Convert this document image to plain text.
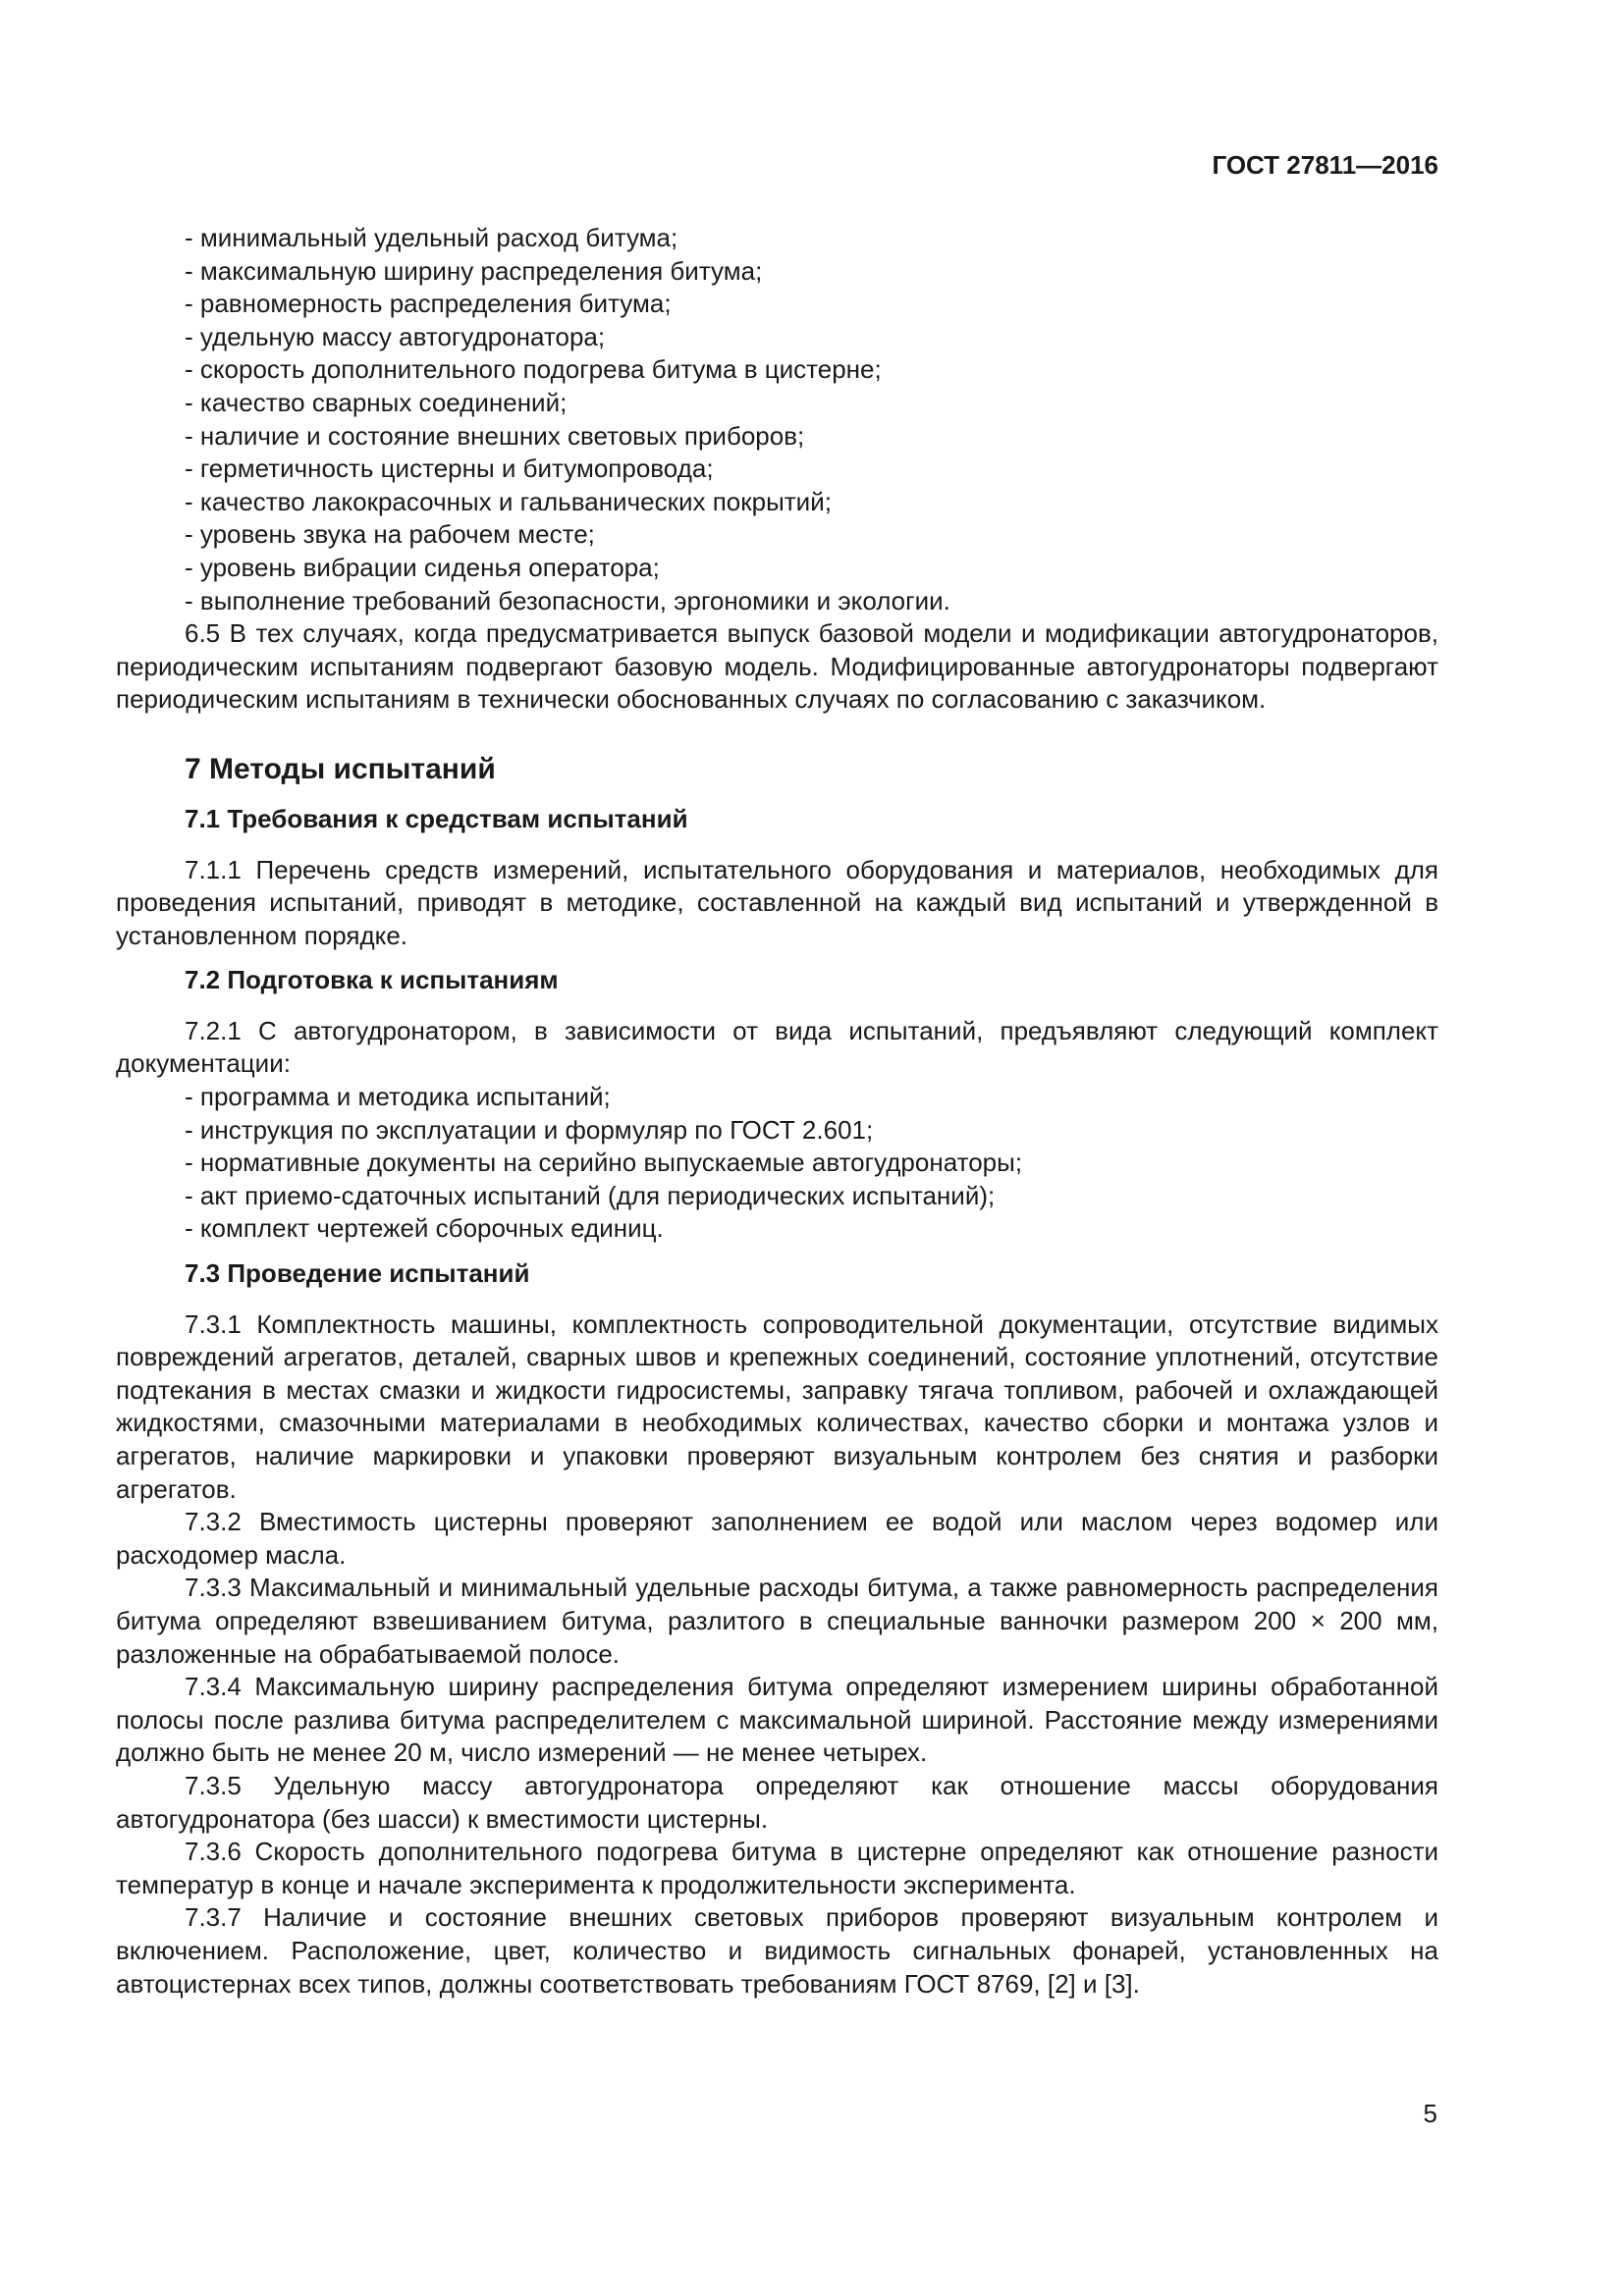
ГОСТ 27811—2016

- минимальный удельный расход битума;

- максимальную ширину распределения битума;

- равномерность распределения битума;

- удельную массу автогудронатора;

- скорость дополнительного подогрева битума в цистерне;

- качество сварных соединений;

- наличие и состояние внешних световых приборов;

- герметичность цистерны и битумопровода;

- качество лакокрасочных и гальванических покрытий;

- уровень звука на рабочем месте;

- уровень вибрации сиденья оператора;

- выполнение требований безопасности, эргономики и экологии.

6.5 В тех случаях, когда предусматривается выпуск базовой модели и модификации автогудронаторов, периодическим испытаниям подвергают базовую модель. Модифицированные автогудронаторы подвергают периодическим испытаниям в технически обоснованных случаях по согласованию с заказчиком.

7 Методы испытаний

7.1 Требования к средствам испытаний

7.1.1 Перечень средств измерений, испытательного оборудования и материалов, необходимых для проведения испытаний, приводят в методике, составленной на каждый вид испытаний и утвержденной в установленном порядке.

7.2 Подготовка к испытаниям

7.2.1 С автогудронатором, в зависимости от вида испытаний, предъявляют следующий комплект документации:

- программа и методика испытаний;

- инструкция по эксплуатации и формуляр по ГОСТ 2.601;

- нормативные документы на серийно выпускаемые автогудронаторы;

- акт приемо-сдаточных испытаний (для периодических испытаний);

- комплект чертежей сборочных единиц.

7.3 Проведение испытаний

7.3.1 Комплектность машины, комплектность сопроводительной документации, отсутствие видимых повреждений агрегатов, деталей, сварных швов и крепежных соединений, состояние уплотнений, отсутствие подтекания в местах смазки и жидкости гидросистемы, заправку тягача топливом, рабочей и охлаждающей жидкостями, смазочными материалами в необходимых количествах, качество сборки и монтажа узлов и агрегатов, наличие маркировки и упаковки проверяют визуальным контролем без снятия и разборки агрегатов.

7.3.2 Вместимость цистерны проверяют заполнением ее водой или маслом через водомер или расходомер масла.

7.3.3 Максимальный и минимальный удельные расходы битума, а также равномерность распределения битума определяют взвешиванием битума, разлитого в специальные ванночки размером 200 × 200 мм, разложенные на обрабатываемой полосе.

7.3.4 Максимальную ширину распределения битума определяют измерением ширины обработанной полосы после разлива битума распределителем с максимальной шириной. Расстояние между измерениями должно быть не менее 20 м, число измерений — не менее четырех.

7.3.5 Удельную массу автогудронатора определяют как отношение массы оборудования автогудронатора (без шасси) к вместимости цистерны.

7.3.6 Скорость дополнительного подогрева битума в цистерне определяют как отношение разности температур в конце и начале эксперимента к продолжительности эксперимента.

7.3.7 Наличие и состояние внешних световых приборов проверяют визуальным контролем и включением. Расположение, цвет, количество и видимость сигнальных фонарей, установленных на автоцистернах всех типов, должны соответствовать требованиям ГОСТ 8769, [2] и [3].

5
